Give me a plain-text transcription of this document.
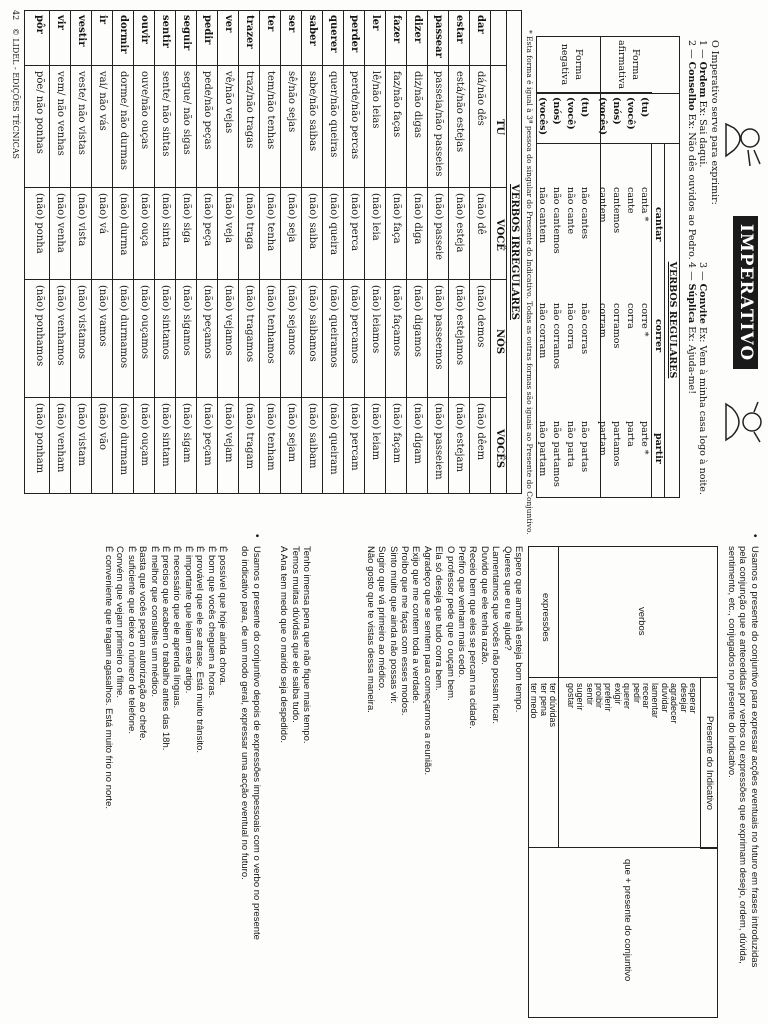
IMPERATIVO
O Imperativo serve para exprimir:
1 — Ordem Ex: Sai daqui.
2 — Conselho Ex: Não dês ouvidos ao Pedro.
3 — Convite Ex: Vem à minha casa logo à noite.
4 — Súplica Ex: Ajuda-me!
VERBOS REGULARES
cantar
correr
partir
Forma afirmativa
Forma negativa
(tu)
canta *
corre *
parte *
(você)
cante
corra
parta
(nós)
cantemos
corramos
partamos
(vocês)
cantem
corram
partam
(tu)
não cantes
não corras
não partas
(você)
não cante
não corra
não parta
(nós)
não cantemos
não corramos
não partamos
(vocês)
não cantem
não corram
não partam
* Esta forma é igual à 3ª pessoa do singular do Presente do Indicativo. Todas as outras formas são iguais ao Presente do Conjuntivo.
VERBOS IRREGULARES
TU
VOCÊ
NÓS
VOCÊS
dar
dá/não dês
(não) dê
(não) demos
(não) dêem
estar
está/não estejas
(não) esteja
(não) estejamos
(não) estejam
passear
passeia/não passeies
(não) passeie
(não) passeemos
(não) passeiem
dizer
diz/não digas
(não) diga
(não) digamos
(não) digam
fazer
faz/não faças
(não) faça
(não) façamos
(não) façam
ler
lê/não leias
(não) leia
(não) leiamos
(não) leiam
perder
perde/não percas
(não) perca
(não) percamos
(não) percam
querer
quer/não queiras
(não) queira
(não) queiramos
(não) queiram
saber
sabe/não saibas
(não) saiba
(não) saibamos
(não) saibam
ser
sê/não sejas
(não) seja
(não) sejamos
(não) sejam
ter
tem/não tenhas
(não) tenha
(não) tenhamos
(não) tenham
trazer
traz/não tragas
(não) traga
(não) tragamos
(não) tragam
ver
vê/não vejas
(não) veja
(não) vejamos
(não) vejam
pedir
pede/não peças
(não) peça
(não) peçamos
(não) peçam
seguir
segue/ não sigas
(não) siga
(não) sigamos
(não) sigam
sentir
sente/ não sintas
(não) sinta
(não) sintamos
(não) sintam
ouvir
ouve/não ouças
(não) ouça
(não) ouçamos
(não) ouçam
dormir
dorme/ não durmas
(não) durma
(não) durmamos
(não) durmam
ir
vai/ não vás
(não) vá
(não) vamos
(não) vão
vestir
veste/ não vistas
(não) vista
(não) vistamos
(não) vistam
vir
vem/ não venhas
(não) venha
(não) venhamos
(não) venham
pôr
põe/ não ponhas
(não) ponha
(não) ponhamos
(não) ponham
42   © LIDEL - EDIÇÕES TÉCNICAS
•
Usamos o presente do conjuntivo para expressar acções eventuais no futuro em frases introduzidas
pela conjunção que e antecedidas por verbos ou expressões que exprimam desejo, ordem, dúvida,
sentimento, etc., conjugados no presente do indicativo.
Presente do Indicativo
verbos
expressões
que + presente do conjuntivo
esperar
desejar
agradecer
duvidar
lamentar
recear
pedir
querer
exigir
preferir
proibir
sentir
sugerir
gostar
ter dúvidas
ter pena
ter medo
Espero que amanhã esteja bom tempo.
Queres que eu te ajude?
Lamentamos que vocês não possam ficar.
Duvido que ele tenha razão.
Receio bem que eles se percam na cidade.
Prefiro que venham mais cedo.
O professor pede que o ouçam bem.
Ela só deseja que tudo corra bem.
Agradeço que se sentem para começarmos a reunião.
Exijo que me contem toda a verdade.
Proíbo que me faças com esses modos.
Sinto muito que ainda não possas vir.
Sugiro que vá primeiro ao médico.
Não gosto que te vistas dessa maneira.
Tenho imensa pena que não fique mais tempo.
Temos muitas dúvidas que ele saiba tudo.
A Ana tem medo que o marido seja despedido.
•
Usamos o presente do conjuntivo depois de expressões impessoais com o verbo no presente
do indicativo para, de um modo geral, expressar uma acção eventual no futuro.
É possível que hoje ainda chova.
É bom que vocês cheguem a horas.
É provável que ele se atrase. Está muito trânsito.
É importante que leiam este artigo.
É necessário que ele aprenda línguas.
É preciso que acabem o trabalho antes das 18h.
É melhor que consultes um médico.
Basta que vocês peçam autorização ao chefe.
É suficiente que deixe o número de telefone.
Convém que vejam primeiro o filme.
É conveniente que tragam agasalhos. Está muito frio no norte.
